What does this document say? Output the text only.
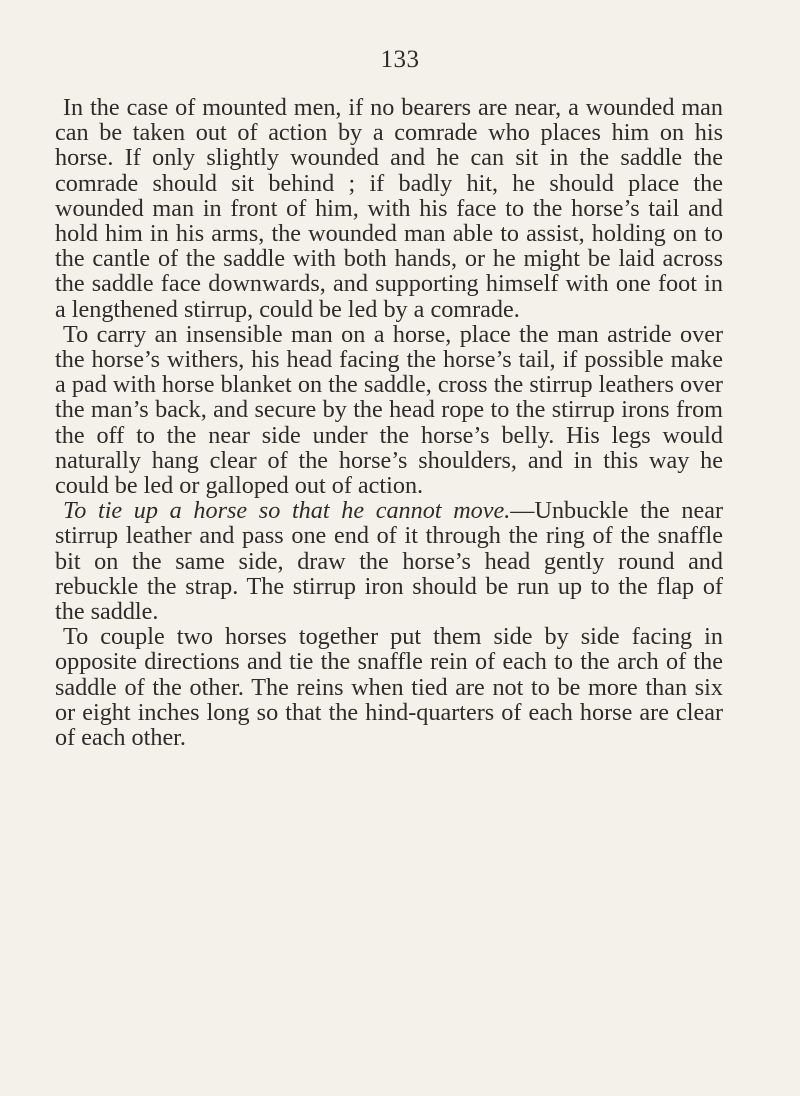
133

In the case of mounted men, if no bearers are near, a wounded man can be taken out of action by a comrade who places him on his horse. If only slightly wounded and he can sit in the saddle the comrade should sit behind ; if badly hit, he should place the wounded man in front of him, with his face to the horse’s tail and hold him in his arms, the wounded man able to assist, holding on to the cantle of the saddle with both hands, or he might be laid across the saddle face downwards, and supporting himself with one foot in a lengthened stirrup, could be led by a comrade.

To carry an insensible man on a horse, place the man astride over the horse’s withers, his head facing the horse’s tail, if possible make a pad with horse blanket on the saddle, cross the stirrup leathers over the man’s back, and secure by the head rope to the stirrup irons from the off to the near side under the horse’s belly. His legs would naturally hang clear of the horse’s shoulders, and in this way he could be led or galloped out of action.

To tie up a horse so that he cannot move.—Unbuckle the near stirrup leather and pass one end of it through the ring of the snaffle bit on the same side, draw the horse’s head gently round and rebuckle the strap. The stirrup iron should be run up to the flap of the saddle.

To couple two horses together put them side by side facing in opposite directions and tie the snaffle rein of each to the arch of the saddle of the other. The reins when tied are not to be more than six or eight inches long so that the hind-quarters of each horse are clear of each other.
